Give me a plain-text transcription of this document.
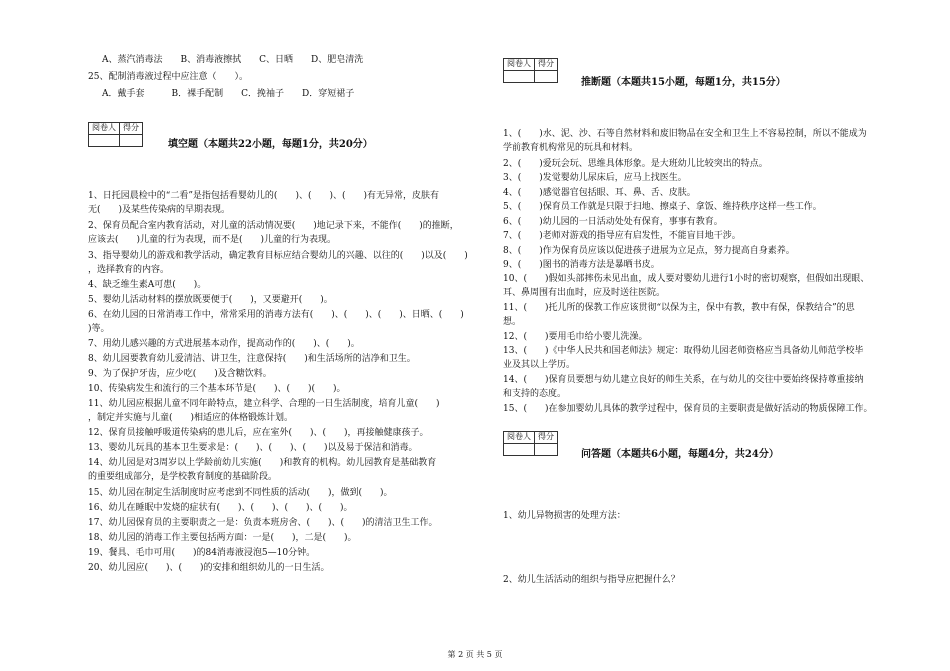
A、蒸汽消毒法　　B、消毒液擦拭　　C、日晒　　D、肥皂清洗
25、配制消毒液过程中应注意（　　）。
A．戴手套　　　B．裸手配制　　C．挽袖子　　D．穿短裙子
阅卷人	得分

填空题（本题共22小题，每题1分，共20分）
1、日托园晨检中的“二看”是指包括看婴幼儿的(　　)、(　　)、(　　)有无异常，皮肤有
无(　　)及某些传染病的早期表现。
2、保育员配合室内教育活动，对儿童的活动情况要(　　)地记录下来，不能作(　　)的推断，
应该去(　　)儿童的行为表现，而不是(　　)儿童的行为表现。
3、指导婴幼儿的游戏和教学活动，确定教育目标应结合婴幼儿的兴趣、以往的(　　)以及(　　)
，选择教育的内容。
4、缺乏维生素A可患(　　)。
5、婴幼儿活动材料的摆放既要便于(　　)，又要避开(　　)。
6、在幼儿园的日常消毒工作中，常常采用的消毒方法有(　　)、(　　)、(　　)、日晒、(　　)
)等。
7、用幼儿感兴趣的方式进展基本动作，提高动作的(　　)、(　　)。
8、幼儿园要教育幼儿爱清洁、讲卫生，注意保持(　　)和生活场所的洁净和卫生。
9、为了保护牙齿，应少吃(　　)及含糖饮料。
10、传染病发生和流行的三个基本环节是(　　)、(　　)(　　)。
11、幼儿园应根据儿童不同年龄特点，建立科学、合理的一日生活制度，培育儿童(　　)
，制定并实施与儿童(　　)相适应的体格锻炼计划。
12、保育员接触呼吸道传染病的患儿后，应在室外(　　)、(　　)，再接触健康孩子。
13、婴幼儿玩具的基本卫生要求是：(　　)、(　　)、(　　)以及易于保洁和消毒。
14、幼儿园是对3周岁以上学龄前幼儿实施(　　)和教育的机构。幼儿园教育是基础教育
的重要组成部分，是学校教育制度的基础阶段。
15、幼儿园在制定生活制度时应考虑到不同性质的活动(　　)，做到(　　)。
16、幼儿在睡眠中发烧的症状有(　　)、(　　)、(　　)、(　　)。
17、幼儿园保育员的主要职责之一是：负责本班房舍、(　　)、(　　)的清洁卫生工作。
18、幼儿园的消毒工作主要包括两方面：一是(　　)，二是(　　)。
19、餐具、毛巾可用(　　)的84消毒液浸泡5—10分钟。
20、幼儿园应(　　)、(　　)的安排和组织幼儿的一日生活。
阅卷人	得分

推断题（本题共15小题，每题1分，共15分）
1、(　　)水、泥、沙、石等自然材料和废旧物品在安全和卫生上不容易控制，所以不能成为
学前教育机构常见的玩具和材料。
2、(　　)爱玩会玩、思维具体形象。是大班幼儿比较突出的特点。
3、(　　)发觉婴幼儿尿床后，应马上找医生。
4、(　　)感觉器官包括眼、耳、鼻、舌、皮肤。
5、(　　)保育员工作就是只限于扫地、擦桌子、拿饭、维持秩序这样一些工作。
6、(　　)幼儿园的一日活动处处有保育，事事有教育。
7、(　　)老师对游戏的指导应有启发性，不能盲目地干涉。
8、(　　)作为保育员应该以促进孩子进展为立足点，努力提高自身素养。
9、(　　)图书的消毒方法是暴晒书皮。
10、(　　)假如头部摔伤未见出血，成人要对婴幼儿进行1小时的密切观察，但假如出现眼、
耳、鼻周围有出血时，应及时送往医院。
11、(　　)托儿所的保教工作应该贯彻“以保为主，保中有教，教中有保，保教结合”的思
想。
12、(　　)要用毛巾给小婴儿洗澡。
13、(　　)《中华人民共和国老师法》规定：取得幼儿园老师资格应当具备幼儿师范学校毕
业及其以上学历。
14、(　　)保育员要想与幼儿建立良好的师生关系，在与幼儿的交往中要始终保持尊重接纳
和支持的态度。
15、(　　)在参加婴幼儿具体的教学过程中，保育员的主要职责是做好活动的物质保障工作。
阅卷人	得分

问答题（本题共6小题，每题4分，共24分）
1、幼儿异物损害的处理方法：
2、幼儿生活活动的组织与指导应把握什么？
第 2 页 共 5 页
